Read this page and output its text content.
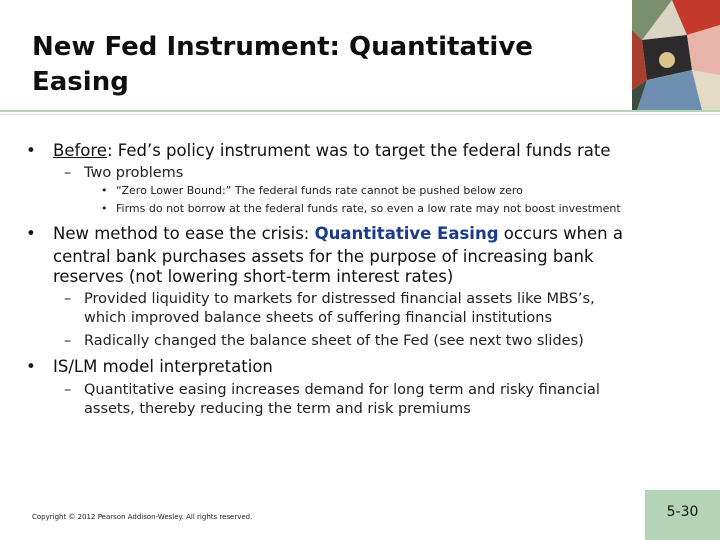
New Fed Instrument: Quantitative Easing
• Before: Fed’s policy instrument was to target the federal funds rate
– Two problems
• “Zero Lower Bound:” The federal funds rate cannot be pushed below zero
• Firms do not borrow at the federal funds rate, so even a low rate may not boost investment
• New method to ease the crisis: Quantitative Easing occurs when a
central bank purchases assets for the purpose of increasing bank
reserves (not lowering short-term interest rates)
– Provided liquidity to markets for distressed financial assets like MBS’s,
which improved balance sheets of suffering financial institutions
– Radically changed the balance sheet of the Fed (see next two slides)
• IS/LM model interpretation
– Quantitative easing increases demand for long term and risky financial
assets, thereby reducing the term and risk premiums
Copyright © 2012 Pearson Addison-Wesley. All rights reserved.	5-30
